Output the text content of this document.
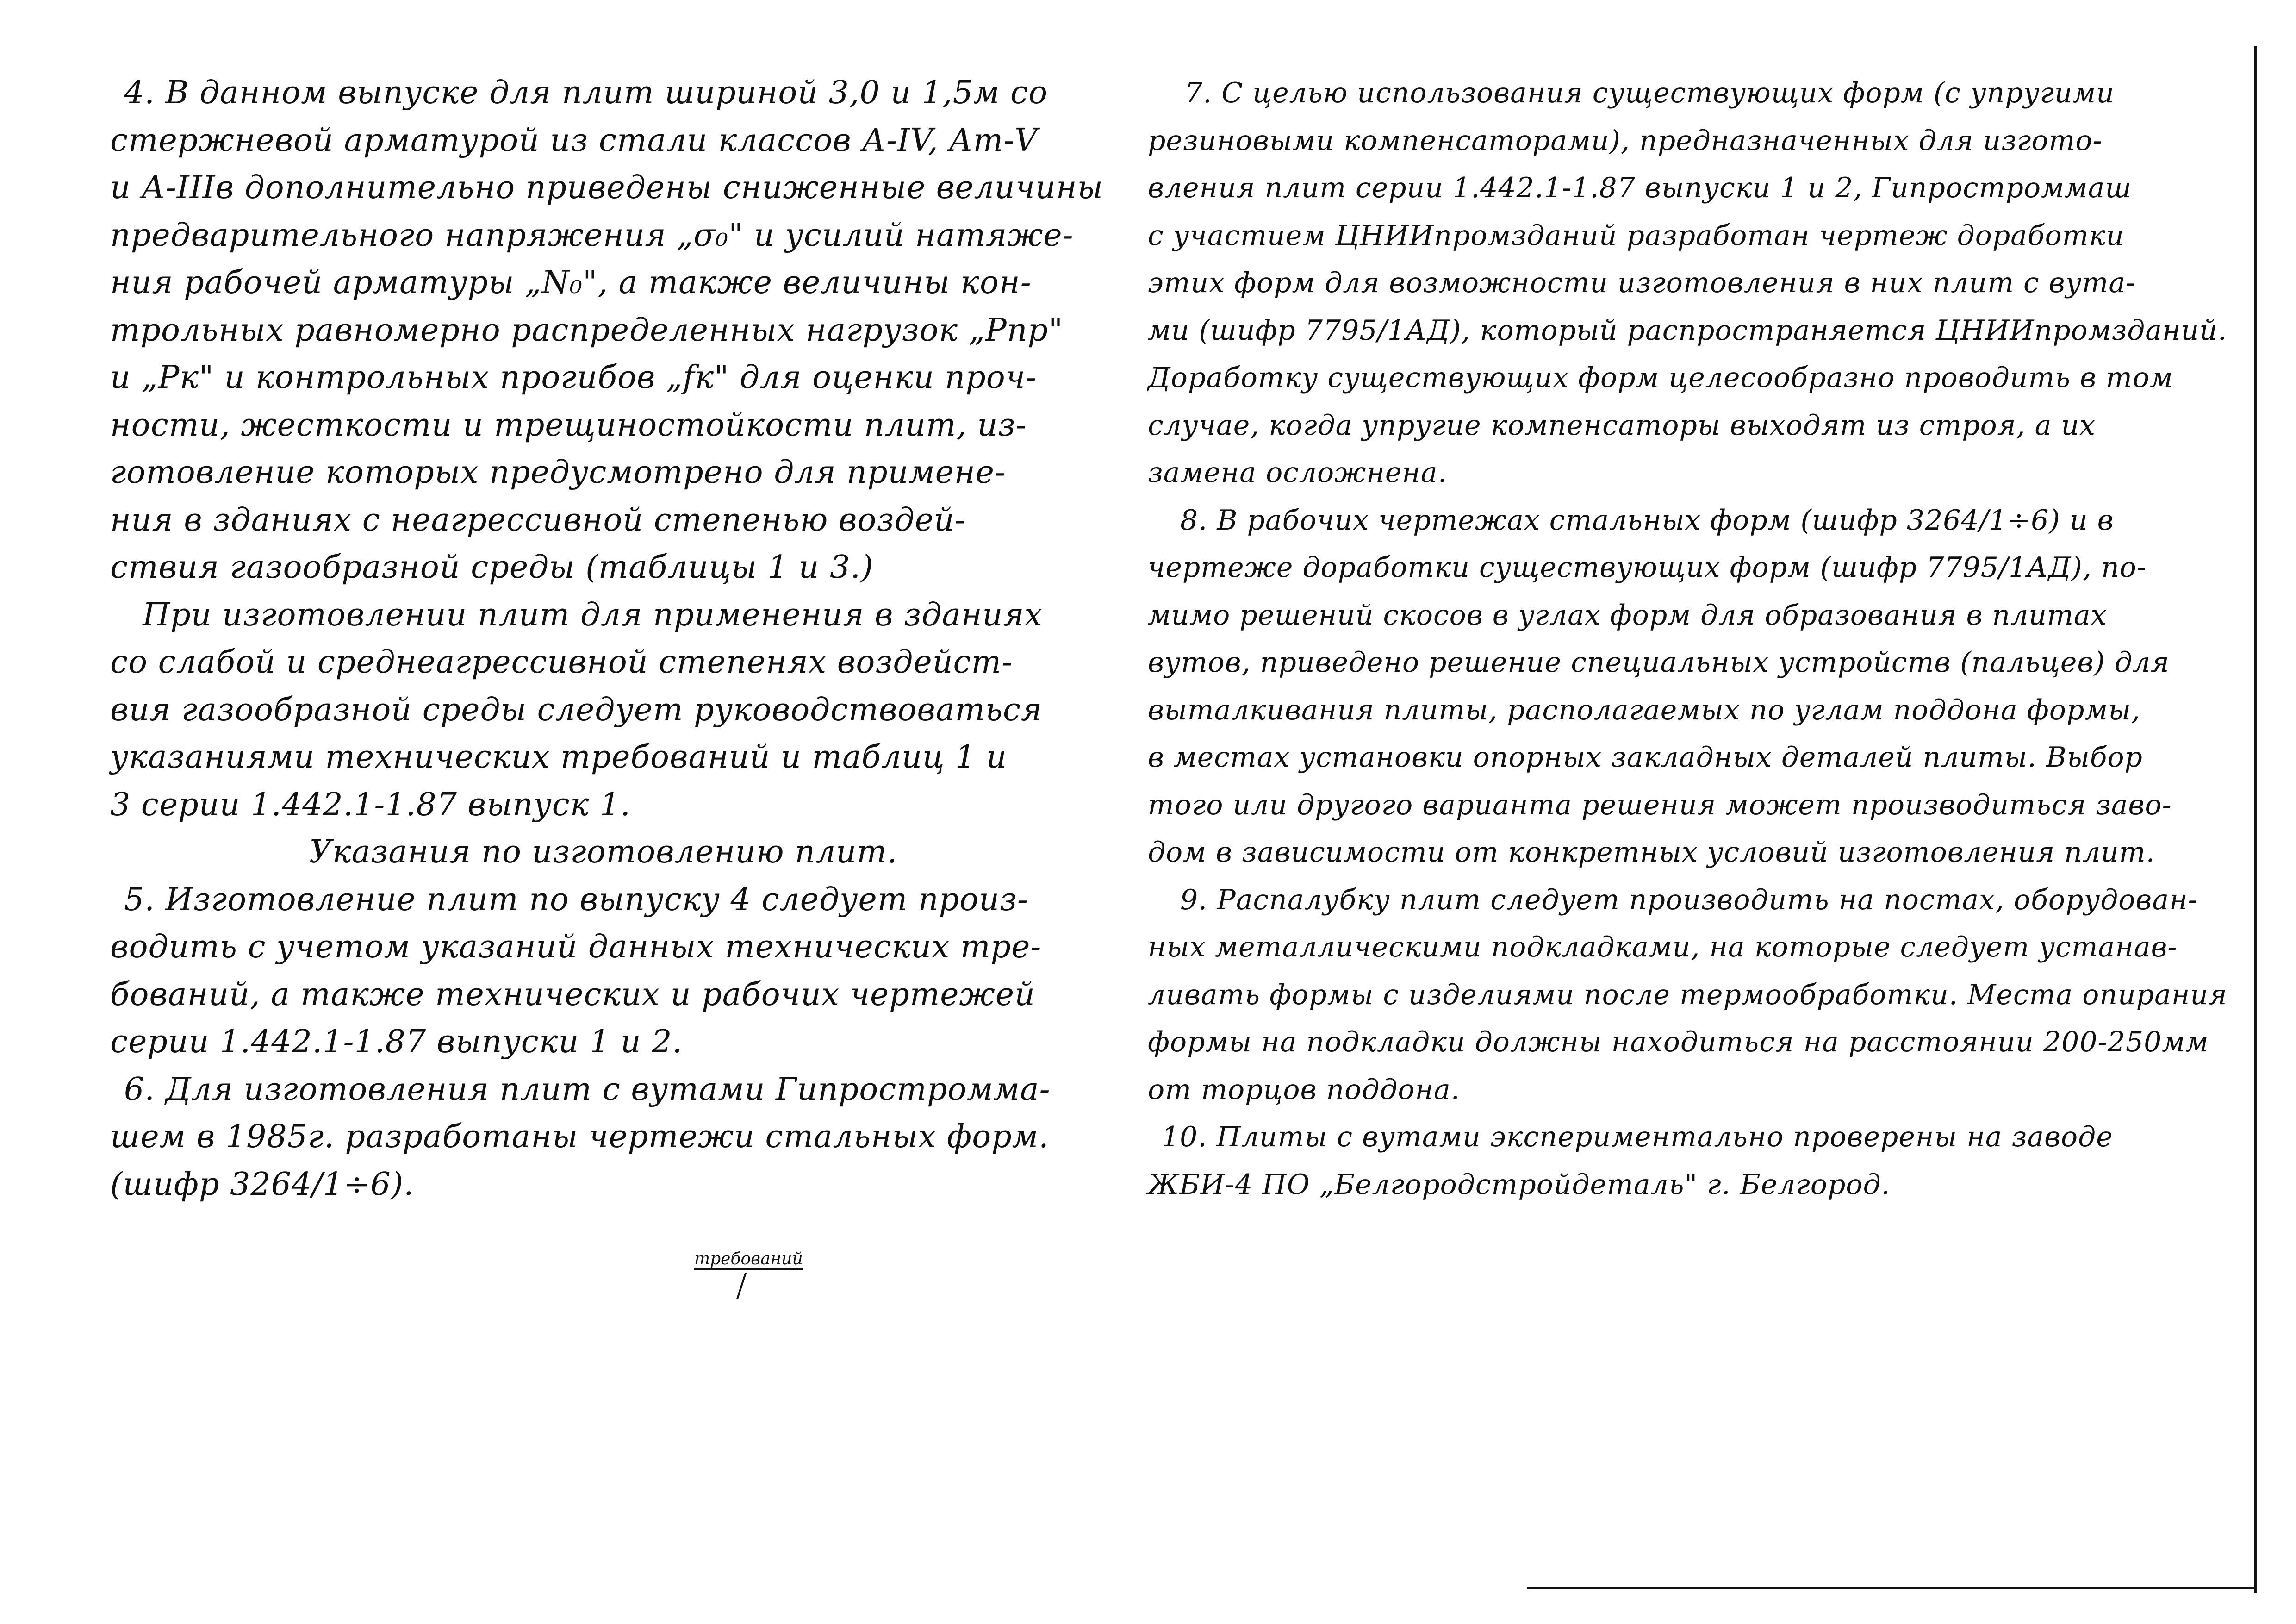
4. В данном выпуске для плит шириной 3,0 и 1,5м со

стержневой арматурой из стали классов А-IV, Ат-V

и А-IIIв дополнительно приведены сниженные величины

предварительного напряжения „σ₀" и усилий натяже-

ния рабочей арматуры „N₀", а также величины кон-

трольных равномерно распределенных нагрузок „Рпр"

и „Рк" и контрольных прогибов „fк" для оценки проч-

ности, жесткости и трещиностойкости плит, из-

готовление которых предусмотрено для примене-

ния в зданиях с неагрессивной степенью воздей-

ствия газообразной среды (таблицы 1 и 3.)

При изготовлении плит для применения в зданиях

со слабой и среднеагрессивной степенях воздейст-

вия газообразной среды следует руководствоваться

указаниями технических требований и таблиц 1 и

3 серии 1.442.1-1.87 выпуск 1.

Указания по изготовлению плит.

5. Изготовление плит по выпуску 4 следует произ-

водить с учетом указаний данных технических тре-

бований, а также технических и рабочих чертежей

серии 1.442.1-1.87 выпуски 1 и 2.

6. Для изготовления плит с вутами Гипростромма-

шем в 1985г. разработаны чертежи стальных форм.

(шифр 3264/1÷6).

требований

7. С целью использования существующих форм (с упругими

резиновыми компенсаторами), предназначенных для изгото-

вления плит серии 1.442.1-1.87 выпуски 1 и 2, Гипростроммаш

с участием ЦНИИпромзданий разработан чертеж доработки

этих форм для возможности изготовления в них плит с вута-

ми (шифр 7795/1АД), который распространяется ЦНИИпромзданий.

Доработку существующих форм целесообразно проводить в том

случае, когда упругие компенсаторы выходят из строя, а их

замена осложнена.

8. В рабочих чертежах стальных форм (шифр 3264/1÷6) и в

чертеже доработки существующих форм (шифр 7795/1АД), по-

мимо решений скосов в углах форм для образования в плитах

вутов, приведено решение специальных устройств (пальцев) для

выталкивания плиты, располагаемых по углам поддона формы,

в местах установки опорных закладных деталей плиты. Выбор

того или другого варианта решения может производиться заво-

дом в зависимости от конкретных условий изготовления плит.

9. Распалубку плит следует производить на постах, оборудован-

ных металлическими подкладками, на которые следует устанав-

ливать формы с изделиями после термообработки. Места опирания

формы на подкладки должны находиться на расстоянии 200-250мм

от торцов поддона.

10. Плиты с вутами экспериментально проверены на заводе

ЖБИ-4 ПО „Белгородстройдеталь" г. Белгород.
